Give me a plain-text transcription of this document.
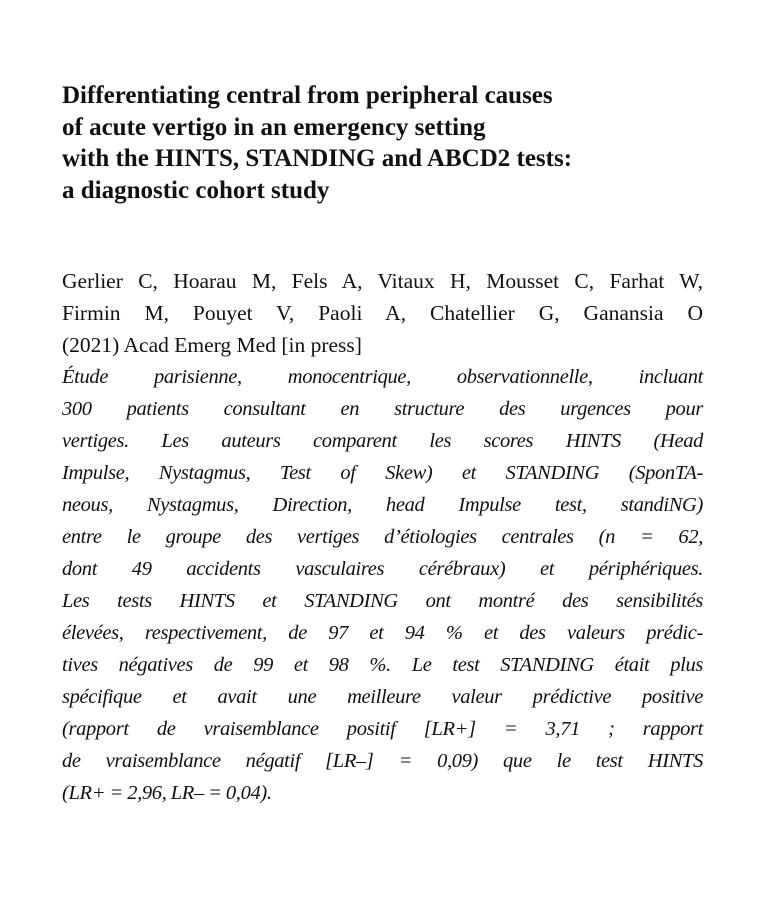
Differentiating central from peripheral causes
of acute vertigo in an emergency setting
with the HINTS, STANDING and ABCD2 tests:
a diagnostic cohort study
Gerlier C, Hoarau M, Fels A, Vitaux H, Mousset C, Farhat W,
Firmin M, Pouyet V, Paoli A, Chatellier G, Ganansia O
(2021) Acad Emerg Med [in press]
Étude parisienne, monocentrique, observationnelle, incluant
300 patients consultant en structure des urgences pour
vertiges. Les auteurs comparent les scores HINTS (Head
Impulse, Nystagmus, Test of Skew) et STANDING (SponTA-
neous, Nystagmus, Direction, head Impulse test, standiNG)
entre le groupe des vertiges d’étiologies centrales (n = 62,
dont 49 accidents vasculaires cérébraux) et périphériques.
Les tests HINTS et STANDING ont montré des sensibilités
élevées, respectivement, de 97 et 94 % et des valeurs prédic-
tives négatives de 99 et 98 %. Le test STANDING était plus
spécifique et avait une meilleure valeur prédictive positive
(rapport de vraisemblance positif [LR+] = 3,71 ; rapport
de vraisemblance négatif [LR–] = 0,09) que le test HINTS
(LR+ = 2,96, LR– = 0,04).
